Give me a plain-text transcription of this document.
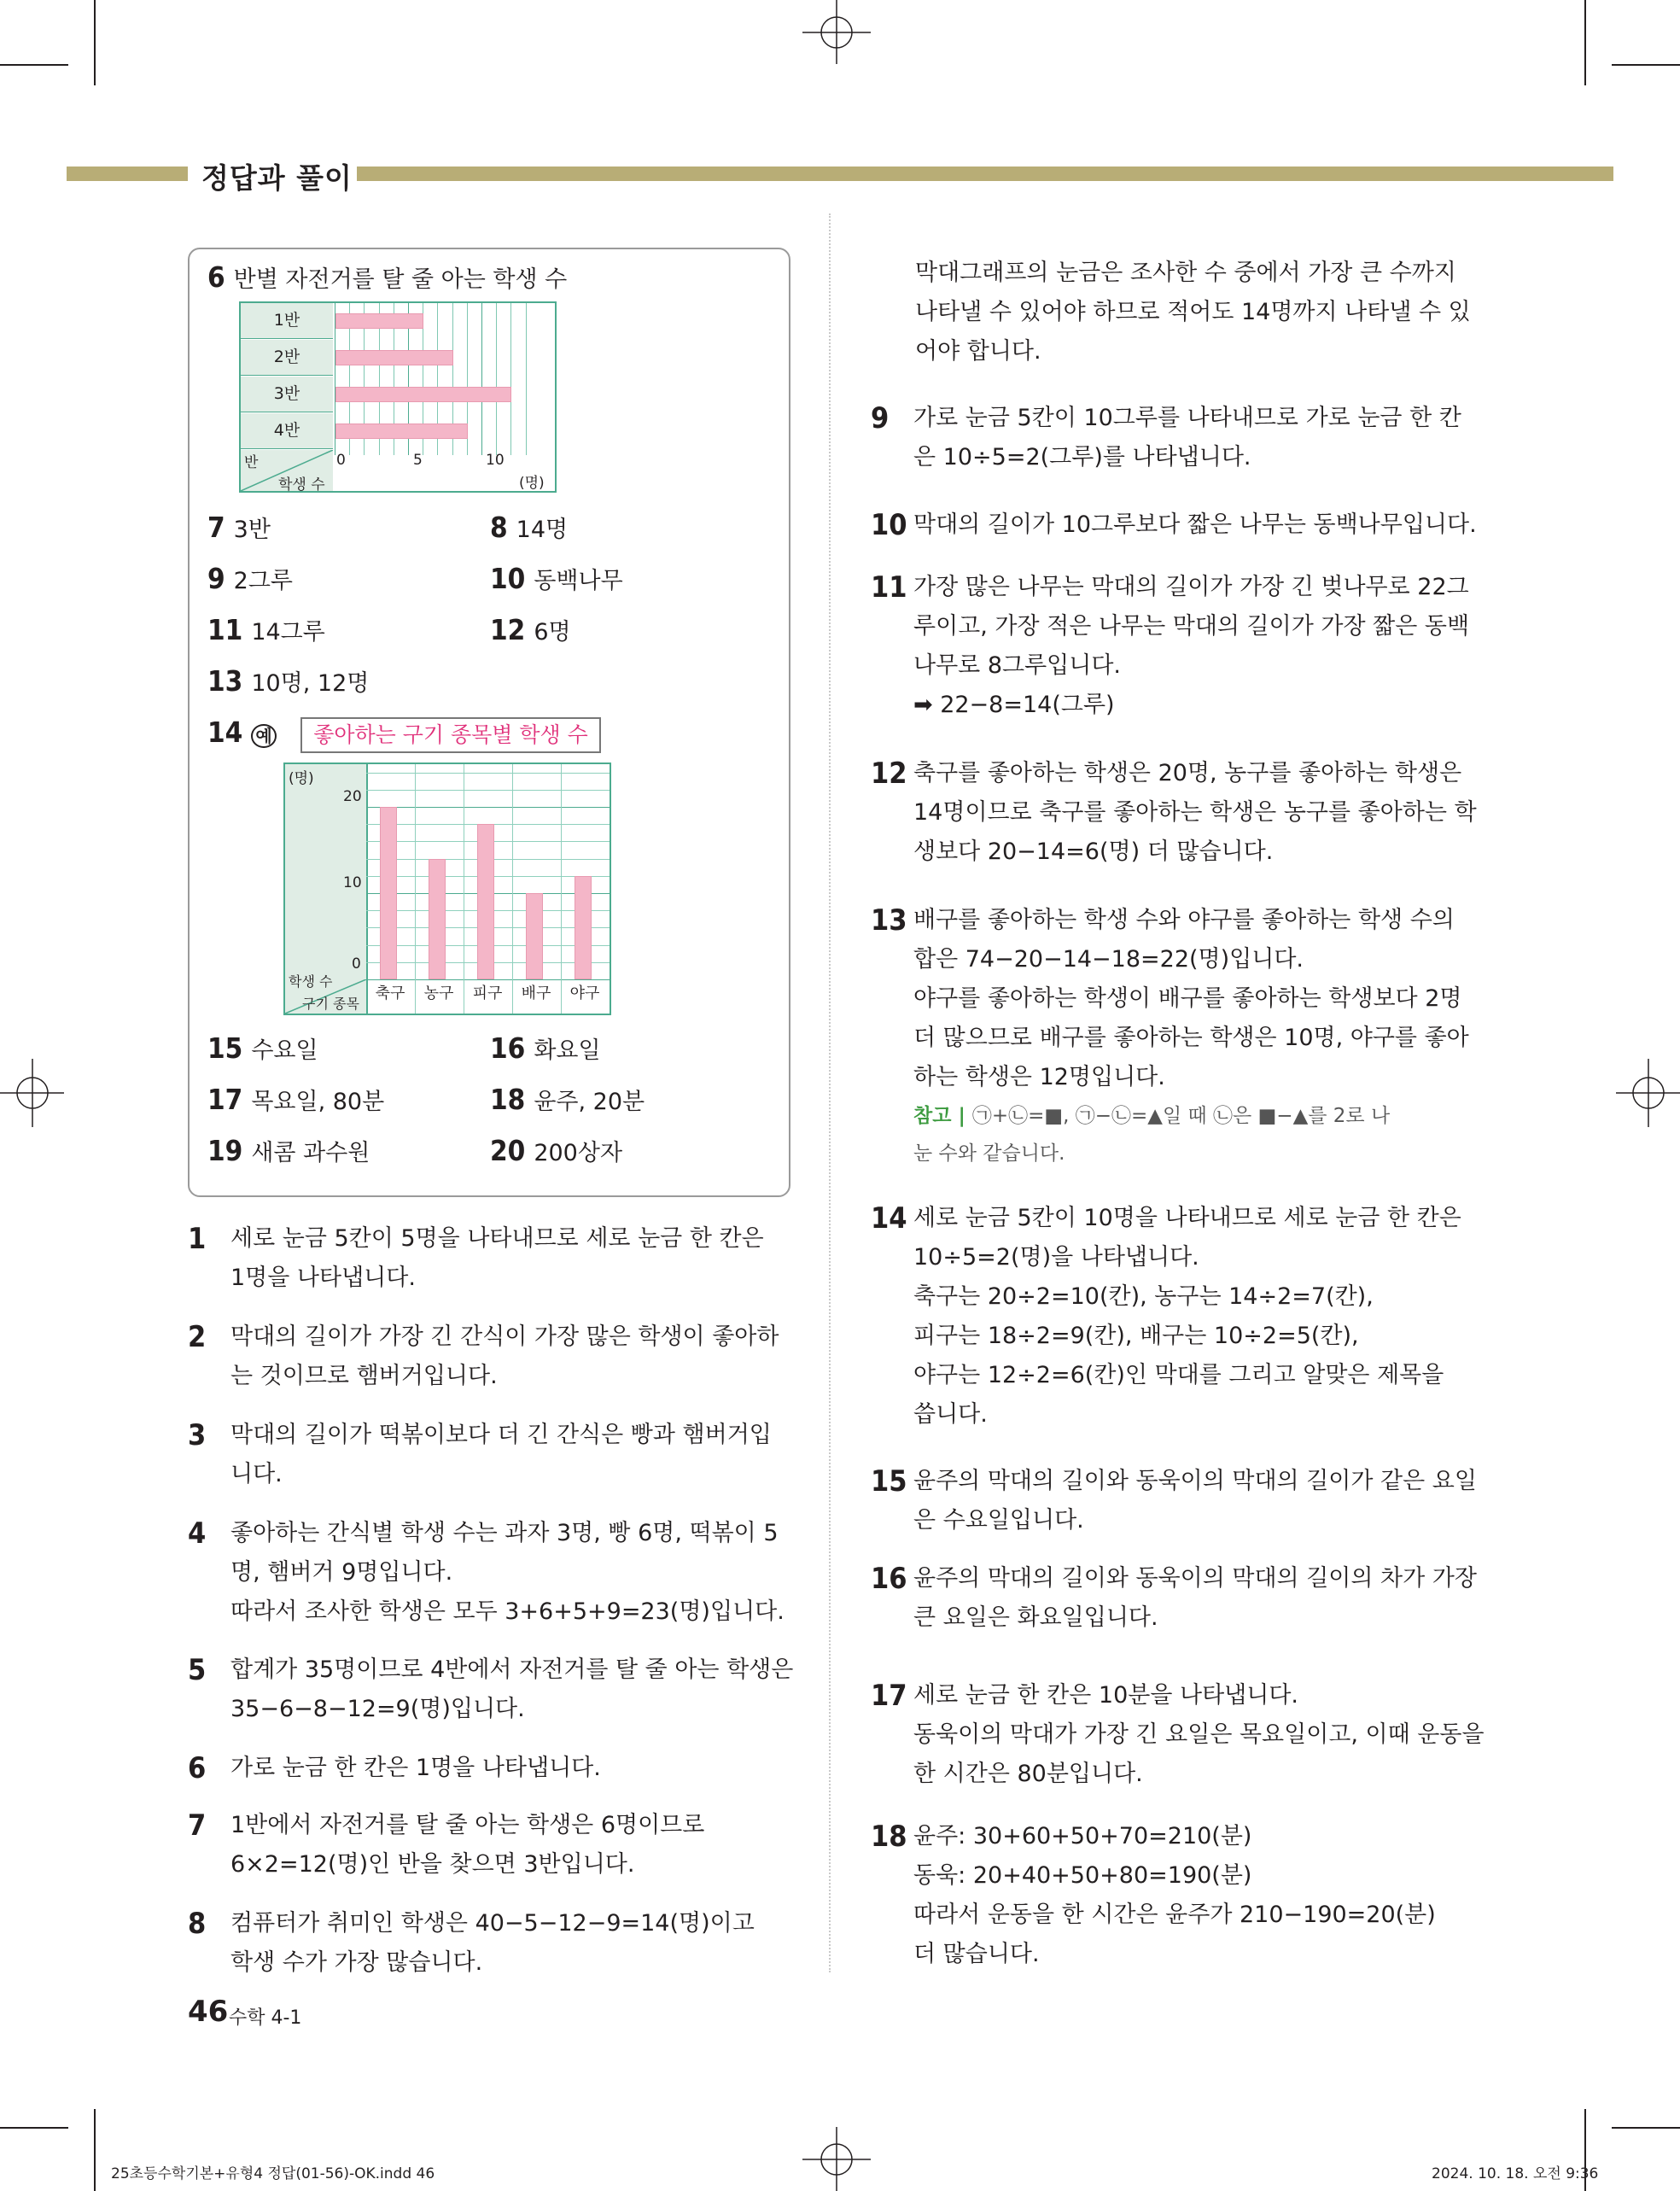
정답과 풀이
6 반별 자전거를 탈 줄 아는 학생 수
1반
2반
3반
4반
반
학생 수
0	5	10
(명)
7 3반	8 14명
9 2그루	10 동백나무
11 14그루	12 6명
13 10명, 12명
14 예	좋아하는 구기 종목별 학생 수
(명)
20
10
0
학생 수
구기 종목
축구	농구	피구	배구	야구
15 수요일	16 화요일
17 목요일, 80분	18 윤주, 20분
19 새콤 과수원	20 200상자
1 세로 눈금 5칸이 5명을 나타내므로 세로 눈금 한 칸은

1명을 나타냅니다.

2 막대의 길이가 가장 긴 간식이 가장 많은 학생이 좋아하

는 것이므로 햄버거입니다.

3 막대의 길이가 떡볶이보다 더 긴 간식은 빵과 햄버거입

니다.

4 좋아하는 간식별 학생 수는 과자 3명, 빵 6명, 떡볶이 5

명, 햄버거 9명입니다.

따라서 조사한 학생은 모두 3+6+5+9=23(명)입니다.

5 합계가 35명이므로 4반에서 자전거를 탈 줄 아는 학생은

35−6−8−12=9(명)입니다.

6 가로 눈금 한 칸은 1명을 나타냅니다.

7 1반에서 자전거를 탈 줄 아는 학생은 6명이므로

6×2=12(명)인 반을 찾으면 3반입니다.

8 컴퓨터가 취미인 학생은 40−5−12−9=14(명)이고

학생 수가 가장 많습니다.

막대그래프의 눈금은 조사한 수 중에서 가장 큰 수까지

나타낼 수 있어야 하므로 적어도 14명까지 나타낼 수 있

어야 합니다.

9 가로 눈금 5칸이 10그루를 나타내므로 가로 눈금 한 칸

은 10÷5=2(그루)를 나타냅니다.

10 막대의 길이가 10그루보다 짧은 나무는 동백나무입니다.

11 가장 많은 나무는 막대의 길이가 가장 긴 벚나무로 22그

루이고, 가장 적은 나무는 막대의 길이가 가장 짧은 동백

나무로 8그루입니다.

➡ 22−8=14(그루)

12 축구를 좋아하는 학생은 20명, 농구를 좋아하는 학생은

14명이므로 축구를 좋아하는 학생은 농구를 좋아하는 학

생보다 20−14=6(명) 더 많습니다.

13 배구를 좋아하는 학생 수와 야구를 좋아하는 학생 수의

합은 74−20−14−18=22(명)입니다.

야구를 좋아하는 학생이 배구를 좋아하는 학생보다 2명

더 많으므로 배구를 좋아하는 학생은 10명, 야구를 좋아

하는 학생은 12명입니다.

참고 | ㉠+㉡=■, ㉠−㉡=▲일 때 ㉡은 ■−▲를 2로 나
눈 수와 같습니다.
14 세로 눈금 5칸이 10명을 나타내므로 세로 눈금 한 칸은

10÷5=2(명)을 나타냅니다.

축구는 20÷2=10(칸), 농구는 14÷2=7(칸),

피구는 18÷2=9(칸), 배구는 10÷2=5(칸),

야구는 12÷2=6(칸)인 막대를 그리고 알맞은 제목을

씁니다.

15 윤주의 막대의 길이와 동욱이의 막대의 길이가 같은 요일

은 수요일입니다.

16 윤주의 막대의 길이와 동욱이의 막대의 길이의 차가 가장

큰 요일은 화요일입니다.

17 세로 눈금 한 칸은 10분을 나타냅니다.

동욱이의 막대가 가장 긴 요일은 목요일이고, 이때 운동을

한 시간은 80분입니다.

18 윤주: 30+60+50+70=210(분)

동욱: 20+40+50+80=190(분)

따라서 운동을 한 시간은 윤주가 210−190=20(분)

더 많습니다.

46 수학 4-1
25초등수학기본+유형4 정답(01-56)-OK.indd 46	2024. 10. 18. 오전 9:36
